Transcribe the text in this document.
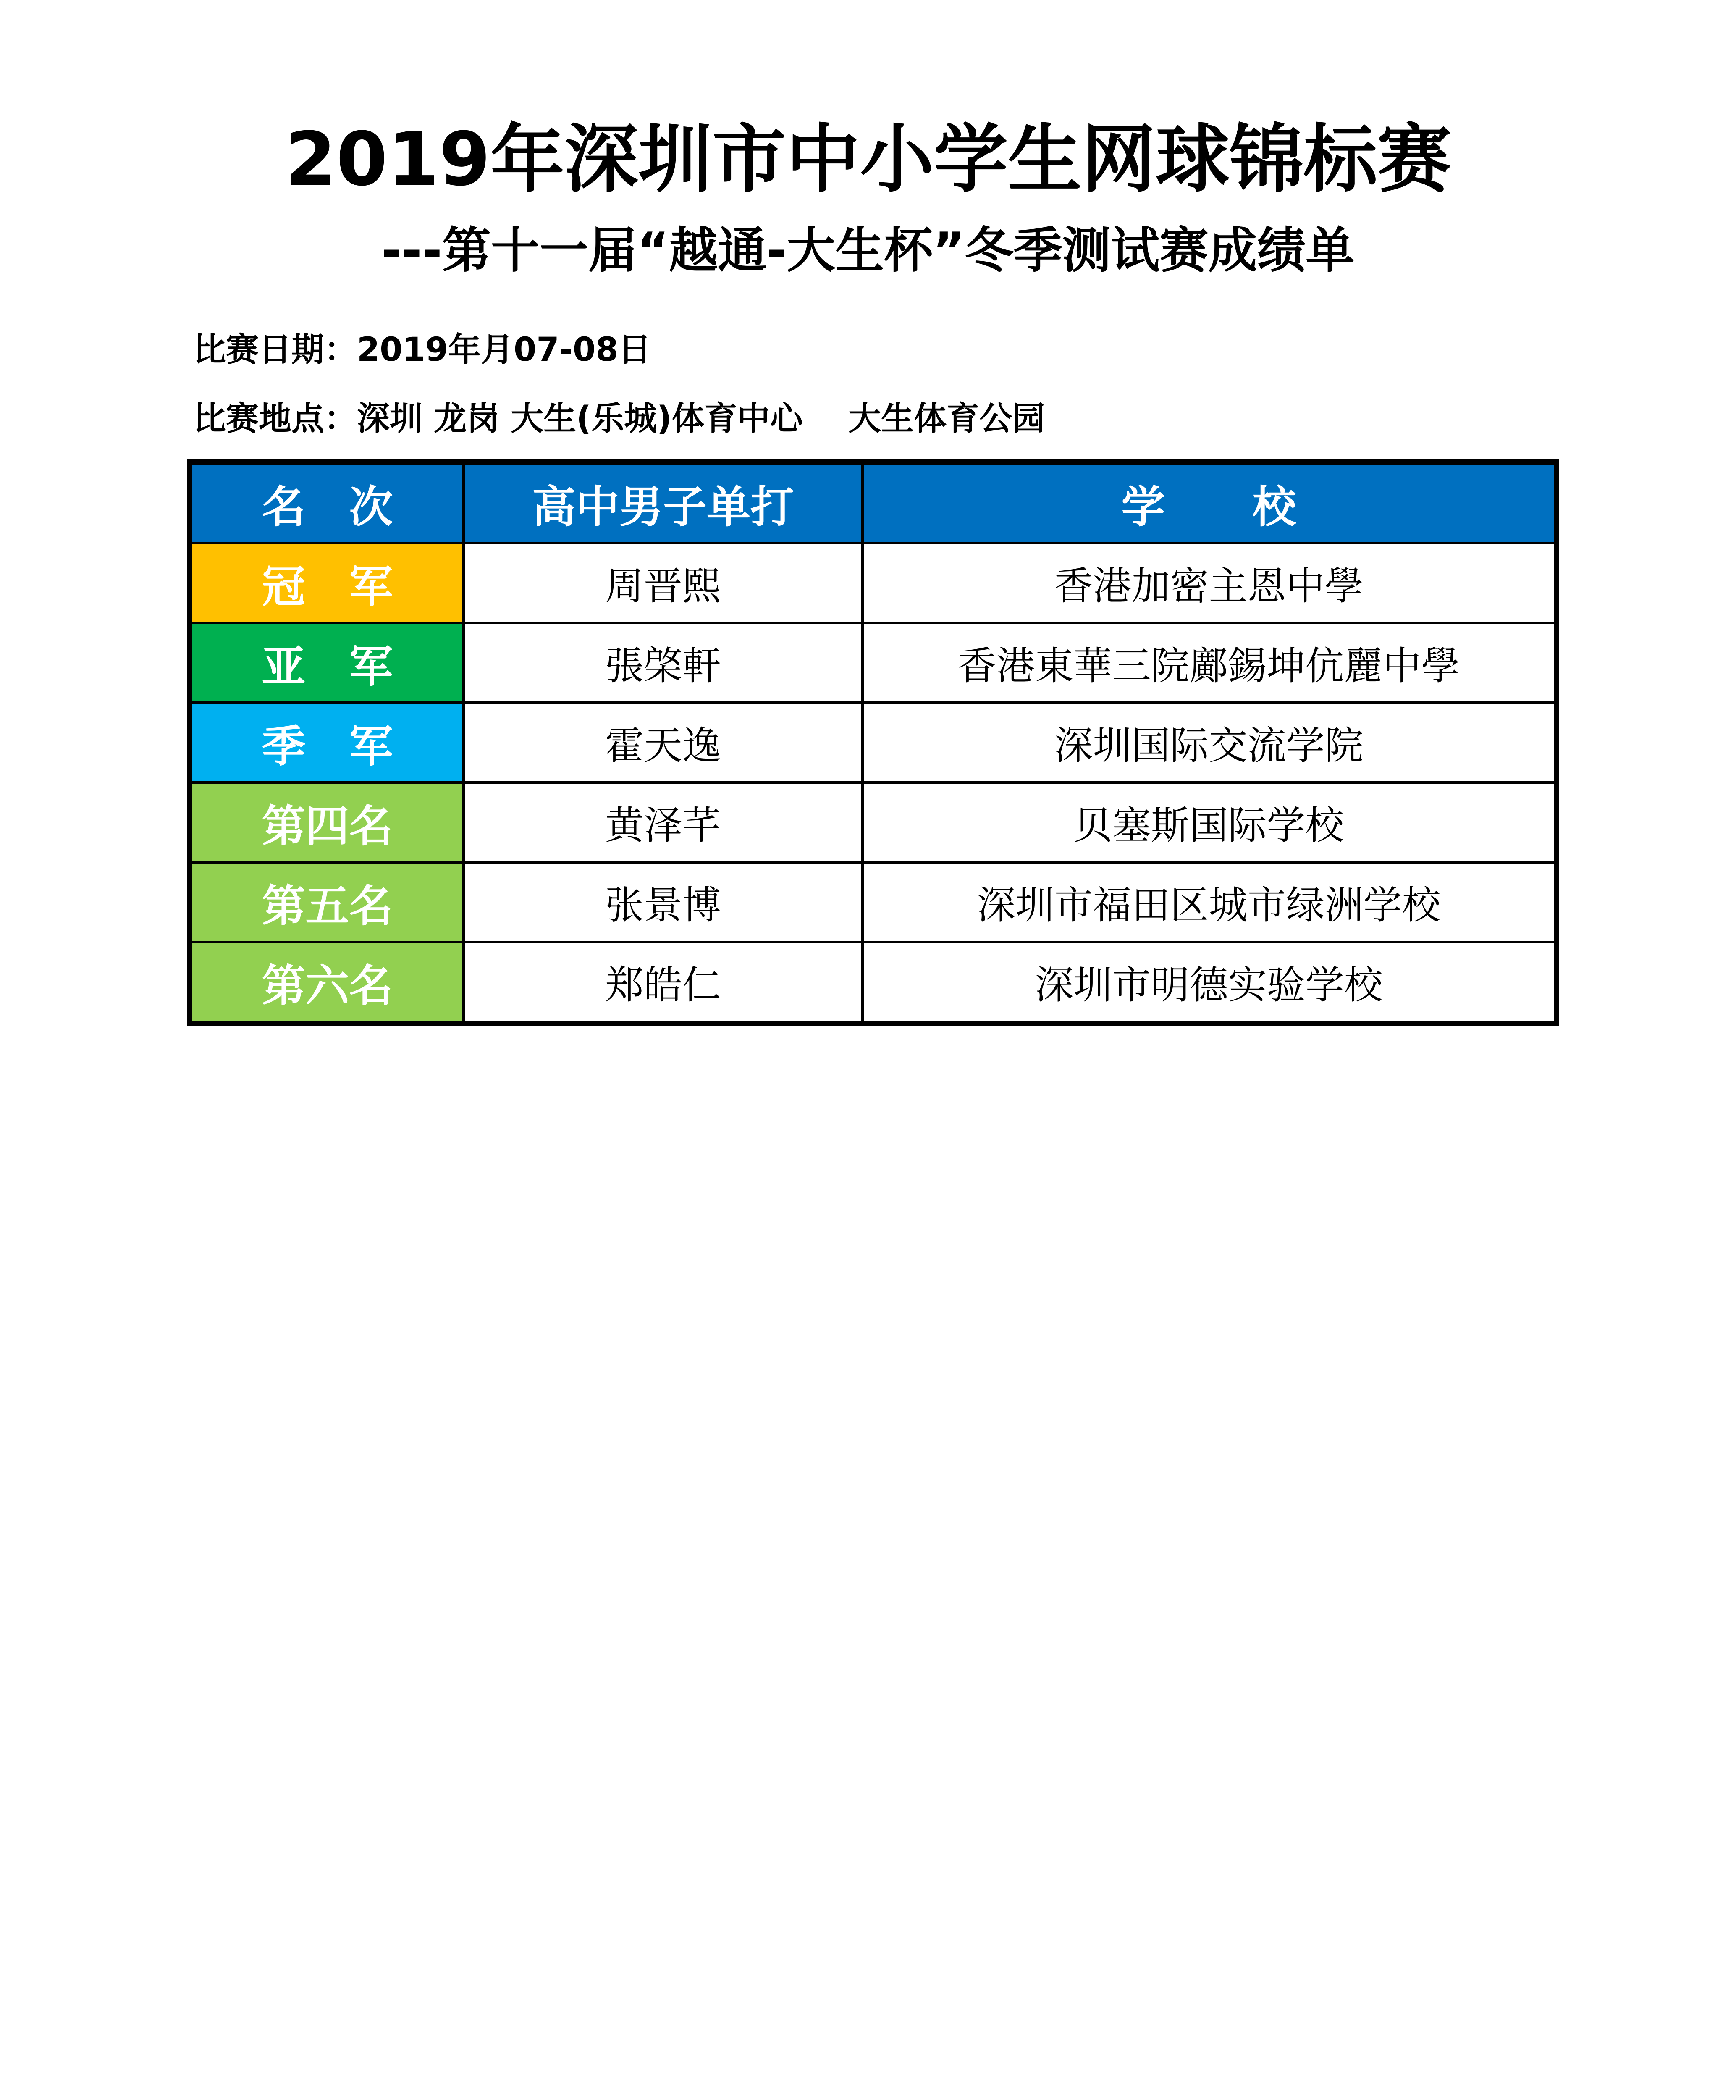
2019年深圳市中小学生网球锦标赛
---第十一届“越通-大生杯”冬季测试赛成绩单
比赛日期：2019年月07-08日
比赛地点：深圳 龙岗 大生(乐城)体育中心    大生体育公园
名　次	高中男子单打	学　　校
冠　军	周晋熙	香港加密主恩中學
亚　军	張棨軒	香港東華三院鄺錫坤伉麗中學
季　军	霍天逸	深圳国际交流学院
第四名	黄泽芊	贝塞斯国际学校
第五名	张景博	深圳市福田区城市绿洲学校
第六名	郑皓仁	深圳市明德实验学校
